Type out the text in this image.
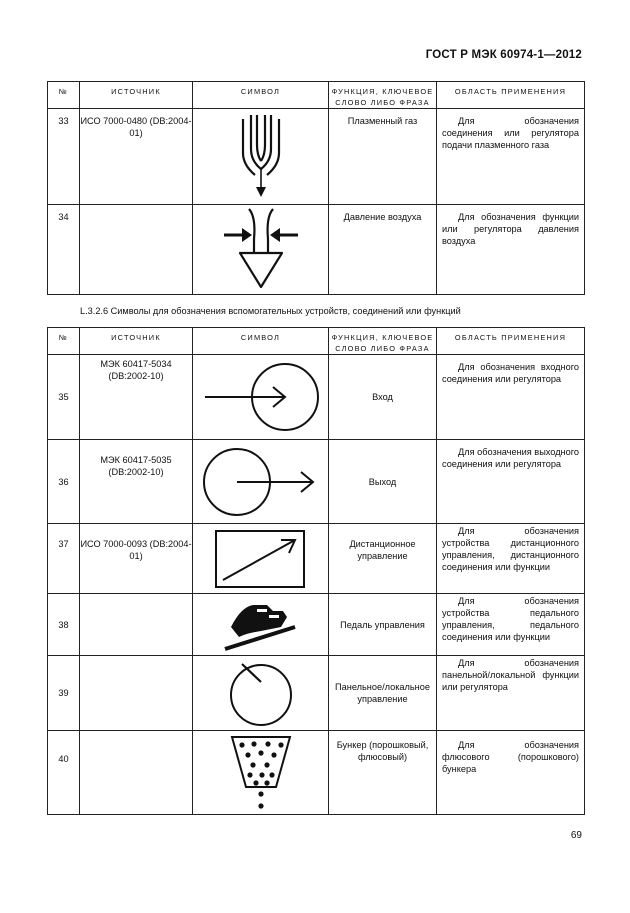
ГОСТ Р МЭК 60974-1—2012
№	ИСТОЧНИК	СИМВОЛ	ФУНКЦИЯ, КЛЮЧЕВОЕ СЛОВО ЛИБО ФРАЗА	ОБЛАСТЬ ПРИМЕНЕНИЯ
33	ИСО 7000-0480 (DB:2004-01)		Плазменный газ	Для обозначения соединения или регулятора подачи плазменного газа
34			Давление воздуха	Для обозначения функции или регулятора давления воздуха
L.3.2.6 Символы для обозначения вспомогательных устройств, соединений или функций
№	ИСТОЧНИК	СИМВОЛ	ФУНКЦИЯ, КЛЮЧЕВОЕ СЛОВО ЛИБО ФРАЗА	ОБЛАСТЬ ПРИМЕНЕНИЯ
35	МЭК 60417-5034 (DB:2002-10)		Вход	Для обозначения входного соединения или регулятора
36	МЭК 60417-5035 (DB:2002-10)		Выход	Для обозначения выходного соединения или регулятора
37	ИСО 7000-0093 (DB:2004-01)		Дистанционное управление	Для обозначения устройства дистанционного управления, дистанционного соединения или функции
38			Педаль управления	Для обозначения устройства педального управления, педального соединения или функции
39			Панельное/локальное управление	Для обозначения панельной/локальной функции или регулятора
40			Бункер (порошковый, флюсовый)	Для обозначения флюсового (порошкового) бункера
69
